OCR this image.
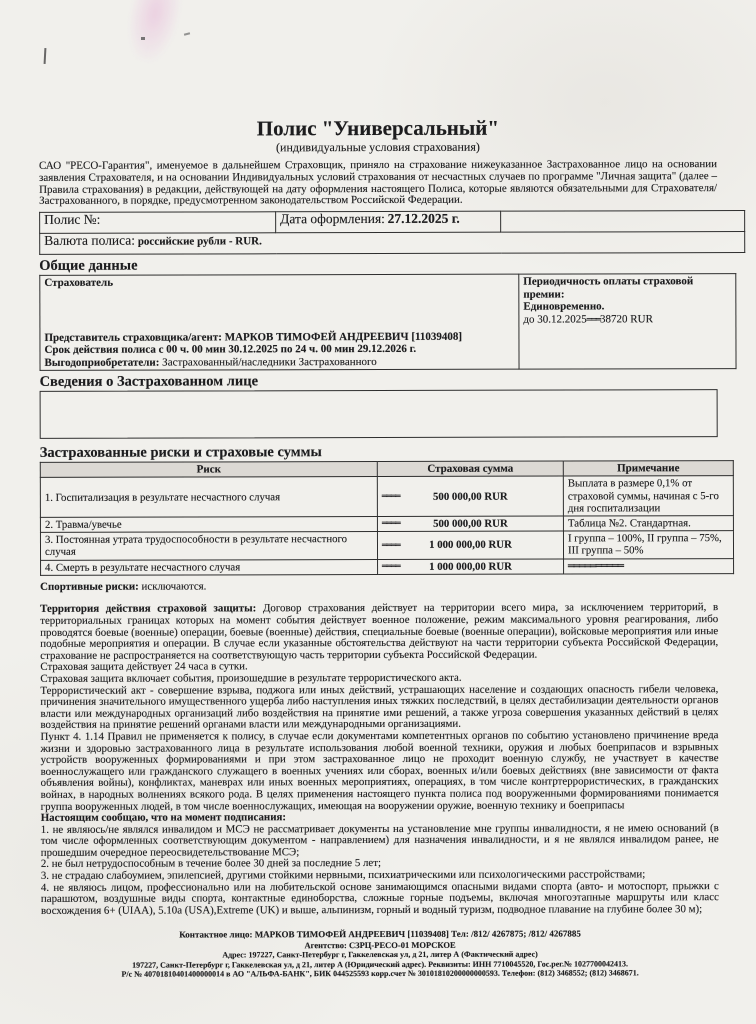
Полис "Универсальный"
(индивидуальные условия страхования)
САО "РЕСО-Гарантия", именуемое в дальнейшем Страховщик, приняло на страхование нижеуказанное Застрахованное лицо на основании заявления Страхователя, и на основании Индивидуальных условий страхования от несчастных случаев по программе "Личная защита" (далее – Правила страхования) в редакции, действующей на дату оформления настоящего Полиса, которые являются обязательными для Страхователя/Застрахованного, в порядке, предусмотренном законодательством Российской Федерации.
Полис №:	Дата оформления: 27.12.2025 г.	
Валюта полиса: российские рубли - RUR.
Общие данные
Страхователь
Представитель страховщика/агент: МАРКОВ ТИМОФЕЙ АНДРЕЕВИЧ [11039408]
Срок действия полиса с 00 ч. 00 мин 30.12.2025 по 24 ч. 00 мин 29.12.2026 г.
Выгодоприобретатели: Застрахованный/наследники Застрахованного

Периодичность оплаты страховой премии:
Единовременно.
до 30.12.2025═══38720 RUR
Сведения о Застрахованном лице
Застрахованные риски и страховые суммы
Риск	Страховая сумма	Примечание
1. Госпитализация в результате несчастного случая	════ 500 000,00 RUR	Выплата в размере 0,1% от страховой суммы, начиная с 5-го дня госпитализации
2. Травма/увечье	════ 500 000,00 RUR	Таблица №2. Стандартная.
3. Постоянная утрата трудоспособности в результате несчастного случая	════ 1 000 000,00 RUR	I группа – 100%, II группа – 75%, III группа – 50%
4. Смерть в результате несчастного случая	════ 1 000 000,00 RUR	══════════
Спортивные риски: исключаются.
Территория действия страховой защиты: Договор страхования действует на территории всего мира, за исключением территорий, в территориальных границах которых на момент события действует военное положение, режим максимального уровня реагирования, либо проводятся боевые (военные) операции, боевые (военные) действия, специальные боевые (военные операции), войсковые мероприятия или иные подобные мероприятия и операции. В случае если указанные обстоятельства действуют на части территории субъекта Российской Федерации, страхование не распространяется на соответствующую часть территории субъекта Российской Федерации.
Страховая защита действует 24 часа в сутки.
Страховая защита включает события, произошедшие в результате террористического акта.
Террористический акт - совершение взрыва, поджога или иных действий, устрашающих население и создающих опасность гибели человека, причинения значительного имущественного ущерба либо наступления иных тяжких последствий, в целях дестабилизации деятельности органов власти или международных организаций либо воздействия на принятие ими решений, а также угроза совершения указанных действий в целях воздействия на принятие решений органами власти или международными организациями.
Пункт 4. 1.14 Правил не применяется к полису, в случае если документами компетентных органов по событию установлено причинение вреда жизни и здоровью застрахованного лица в результате использования любой военной техники, оружия и любых боеприпасов и взрывных устройств вооруженных формированиями и при этом застрахованное лицо не проходит военную службу, не участвует в качестве военнослужащего или гражданского служащего в военных учениях или сборах, военных и/или боевых действиях (вне зависимости от факта объявления войны), конфликтах, маневрах или иных военных мероприятиях, операциях, в том числе контртеррористических, в гражданских войнах, в народных волнениях всякого рода. В целях применения настоящего пункта полиса под вооруженными формированиями понимается группа вооруженных людей, в том числе военнослужащих, имеющая на вооружении оружие, военную технику и боеприпасы
Настоящим сообщаю, что на момент подписания:
1. не являюсь/не являлся инвалидом и МСЭ не рассматривает документы на установление мне группы инвалидности, я не имею оснований (в том числе оформленных соответствующим документом - направлением) для назначения инвалидности, и я не являлся инвалидом ранее, не прошедшим очередное переосвидетельствование МСЭ;
2. не был нетрудоспособным в течение более 30 дней за последние 5 лет;
3. не страдаю слабоумием, эпилепсией, другими стойкими нервными, психиатрическими или психологическими расстройствами;
4. не являюсь лицом, профессионально или на любительской основе занимающимся опасными видами спорта (авто- и мотоспорт, прыжки с парашютом, воздушные виды спорта, контактные единоборства, сложные горные подъемы, включая многоэтапные маршруты или класс восхождения 6+ (UIAA), 5.10a (USA),Extreme (UK) и выше, альпинизм, горный и водный туризм, подводное плавание на глубине более 30 м);
Контактное лицо: МАРКОВ ТИМОФЕЙ АНДРЕЕВИЧ [11039408] Тел: /812/ 4267875; /812/ 4267885
Агентство: СЗРЦ-РЕСО-01 МОРСКОЕ
Адрес: 197227, Санкт-Петербург г, Гаккелевская ул, д 21, литер А (Фактический адрес)
197227, Санкт-Петербург г, Гаккелевская ул, д 21, литер А (Юридический адрес). Реквизиты: ИНН 7710045520, Гос.рег.№ 1027700042413.
Р/с № 40701810401400000014 в АО "АЛЬФА-БАНК", БИК 044525593 корр.счет № 30101810200000000593. Телефон: (812) 3468552; (812) 3468671.
